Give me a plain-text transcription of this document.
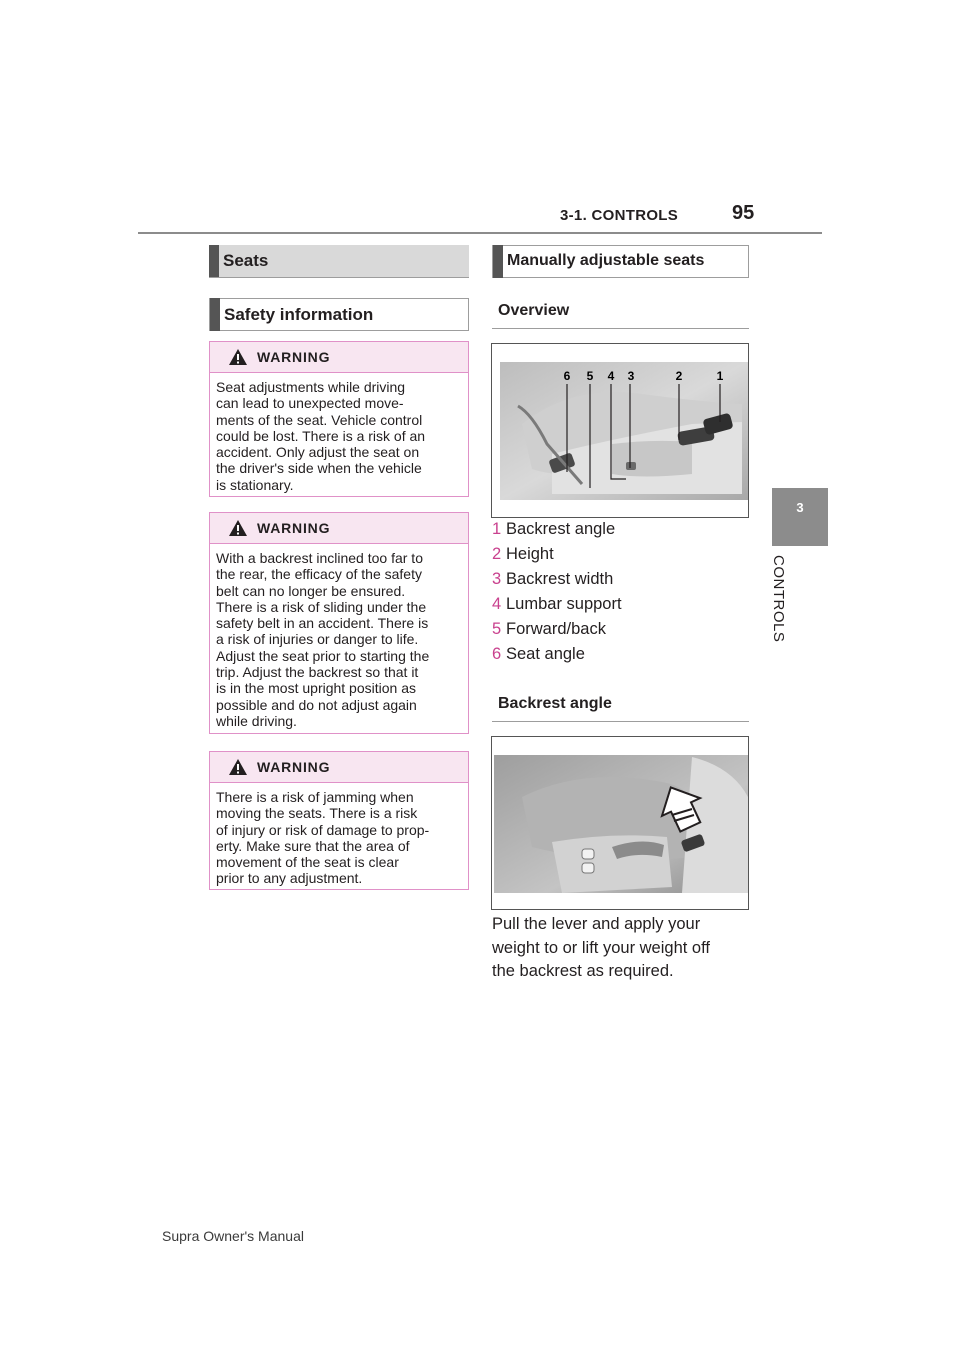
3-1. CONTROLS	95
3
CONTROLS
Seats
Safety information
WARNING
Seat adjustments while driving
can lead to unexpected move-
ments of the seat. Vehicle control
could be lost. There is a risk of an
accident. Only adjust the seat on
the driver's side when the vehicle
is stationary.
WARNING
With a backrest inclined too far to
the rear, the efficacy of the safety
belt can no longer be ensured.
There is a risk of sliding under the
safety belt in an accident. There is
a risk of injuries or danger to life.
Adjust the seat prior to starting the
trip. Adjust the backrest so that it
is in the most upright position as
possible and do not adjust again
while driving.
WARNING
There is a risk of jamming when
moving the seats. There is a risk
of injury or risk of damage to prop-
erty. Make sure that the area of
movement of the seat is clear
prior to any adjustment.
Manually adjustable seats
Overview
6 5 4 3	2	1
1 Backrest angle
2 Height
3 Backrest width
4 Lumbar support
5 Forward/back
6 Seat angle
Backrest angle
Pull the lever and apply your
weight to or lift your weight off
the backrest as required.
Supra Owner's Manual
